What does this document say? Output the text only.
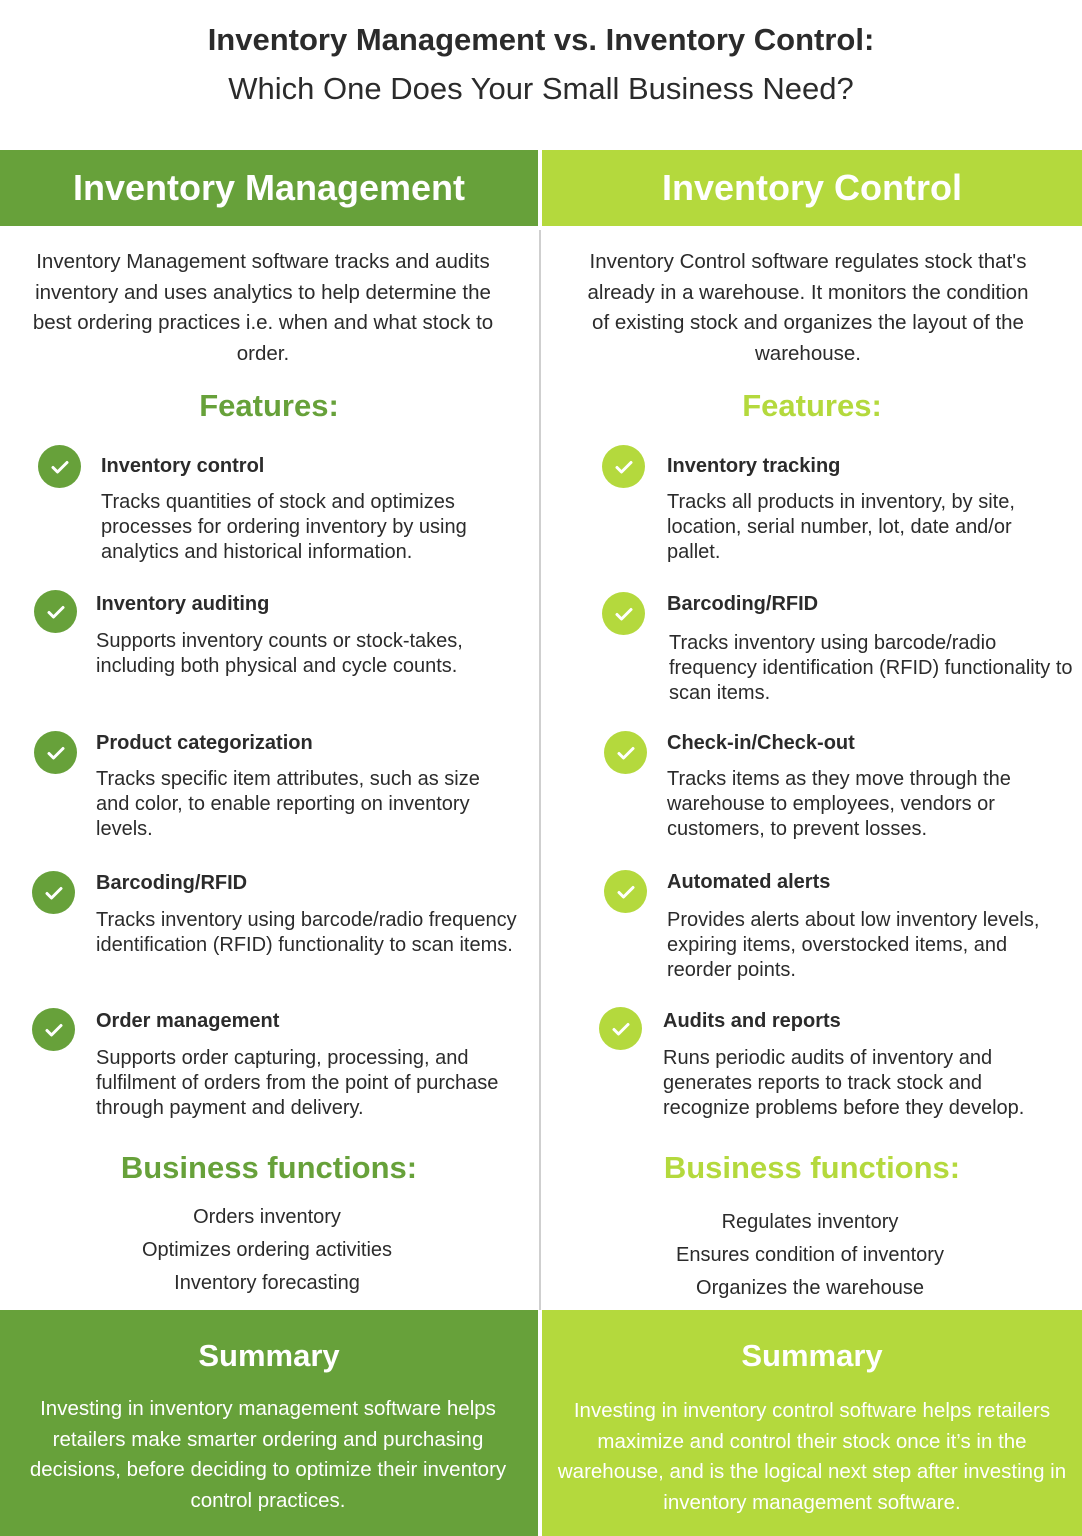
Inventory Management vs. Inventory Control:
Which One Does Your Small Business Need?
Inventory Management	Inventory Control
Inventory Management software tracks and audits inventory and uses analytics to help determine the best ordering practices i.e. when and what stock to order.
Inventory Control software regulates stock that's already in a warehouse. It monitors the condition of existing stock and organizes the layout of the warehouse.
Features:	Features:
Inventory control
Tracks quantities of stock and optimizes processes for ordering inventory by using analytics and historical information.
Inventory auditing
Supports inventory counts or stock-takes, including both physical and cycle counts.
Product categorization
Tracks specific item attributes, such as size and color, to enable reporting on inventory levels.
Barcoding/RFID
Tracks inventory using barcode/radio frequency identification (RFID) functionality to scan items.
Order management
Supports order capturing, processing, and fulfilment of orders from the point of purchase through payment and delivery.
Inventory tracking
Tracks all products in inventory, by site, location, serial number, lot, date and/or pallet.
Barcoding/RFID
Tracks inventory using barcode/radio frequency identification (RFID) functionality to scan items.
Check-in/Check-out
Tracks items as they move through the warehouse to employees, vendors or customers, to prevent losses.
Automated alerts
Provides alerts about low inventory levels, expiring items, overstocked items, and reorder points.
Audits and reports
Runs periodic audits of inventory and generates reports to track stock and recognize problems before they develop.
Business functions:	Business functions:
Orders inventory
Optimizes ordering activities
Inventory forecasting
Regulates inventory
Ensures condition of inventory
Organizes the warehouse
Summary
Investing in inventory management software helps retailers make smarter ordering and purchasing decisions, before deciding to optimize their inventory control practices.
Summary
Investing in inventory control software helps retailers maximize and control their stock once it’s in the warehouse, and is the logical next step after investing in inventory management software.
